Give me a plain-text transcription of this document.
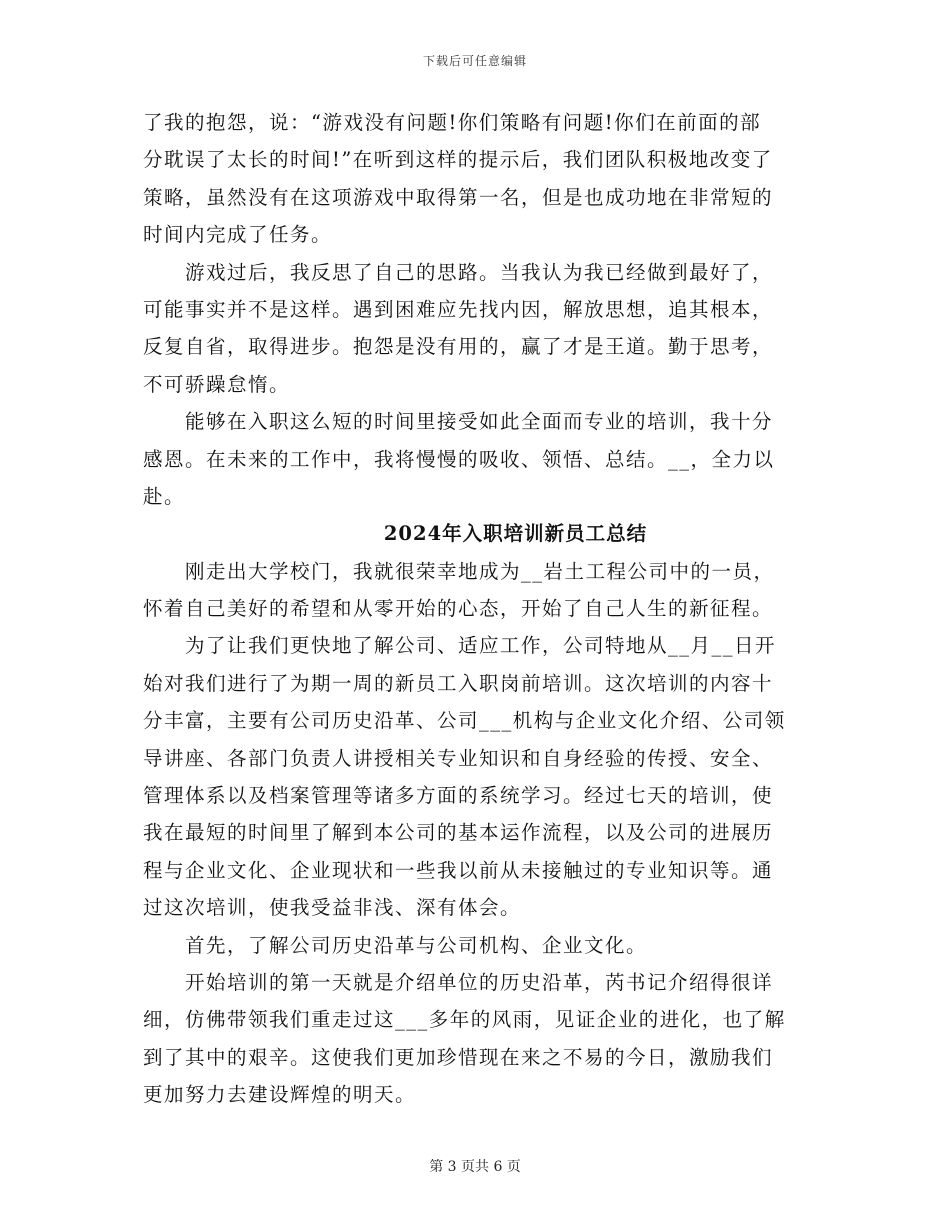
下载后可任意编辑
了我的抱怨，说：“游戏没有问题!你们策略有问题!你们在前面的部
分耽误了太长的时间!”在听到这样的提示后，我们团队积极地改变了
策略，虽然没有在这项游戏中取得第一名，但是也成功地在非常短的
时间内完成了任务。
　　游戏过后，我反思了自己的思路。当我认为我已经做到最好了，
可能事实并不是这样。遇到困难应先找内因，解放思想，追其根本，
反复自省，取得进步。抱怨是没有用的，赢了才是王道。勤于思考，
不可骄躁怠惰。
　　能够在入职这么短的时间里接受如此全面而专业的培训，我十分
感恩。在未来的工作中，我将慢慢的吸收、领悟、总结。__，全力以
赴。
2024年入职培训新员工总结
　　刚走出大学校门，我就很荣幸地成为__岩土工程公司中的一员，
怀着自己美好的希望和从零开始的心态，开始了自己人生的新征程。
　　为了让我们更快地了解公司、适应工作，公司特地从__月__日开
始对我们进行了为期一周的新员工入职岗前培训。这次培训的内容十
分丰富，主要有公司历史沿革、公司___机构与企业文化介绍、公司领
导讲座、各部门负责人讲授相关专业知识和自身经验的传授、安全、
管理体系以及档案管理等诸多方面的系统学习。经过七天的培训，使
我在最短的时间里了解到本公司的基本运作流程，以及公司的进展历
程与企业文化、企业现状和一些我以前从未接触过的专业知识等。通
过这次培训，使我受益非浅、深有体会。
　　首先，了解公司历史沿革与公司机构、企业文化。
　　开始培训的第一天就是介绍单位的历史沿革，芮书记介绍得很详
细，仿佛带领我们重走过这___多年的风雨，见证企业的进化，也了解
到了其中的艰辛。这使我们更加珍惜现在来之不易的今日，激励我们
更加努力去建设辉煌的明天。
第 3 页共 6 页
